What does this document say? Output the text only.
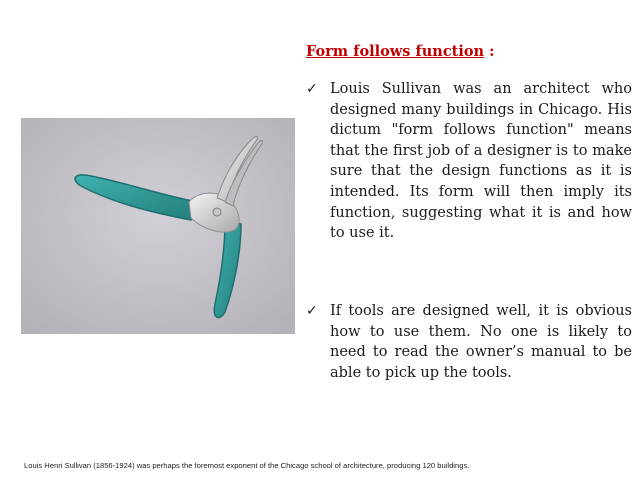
Form follows function :
✓ Louis Sullivan was an architect who designed many buildings in Chicago. His dictum "form follows function" means that the first job of a designer is to make sure that the design functions as it is intended. Its form will then imply its function, suggesting what it is and how to use it.
✓ If tools are designed well, it is obvious how to use them. No one is likely to need to read the owner’s manual to be able to pick up the tools.
Louis Henri Sullivan (1856-1924) was perhaps the foremost exponent of the Chicago school of architecture, producing 120 buildings.
